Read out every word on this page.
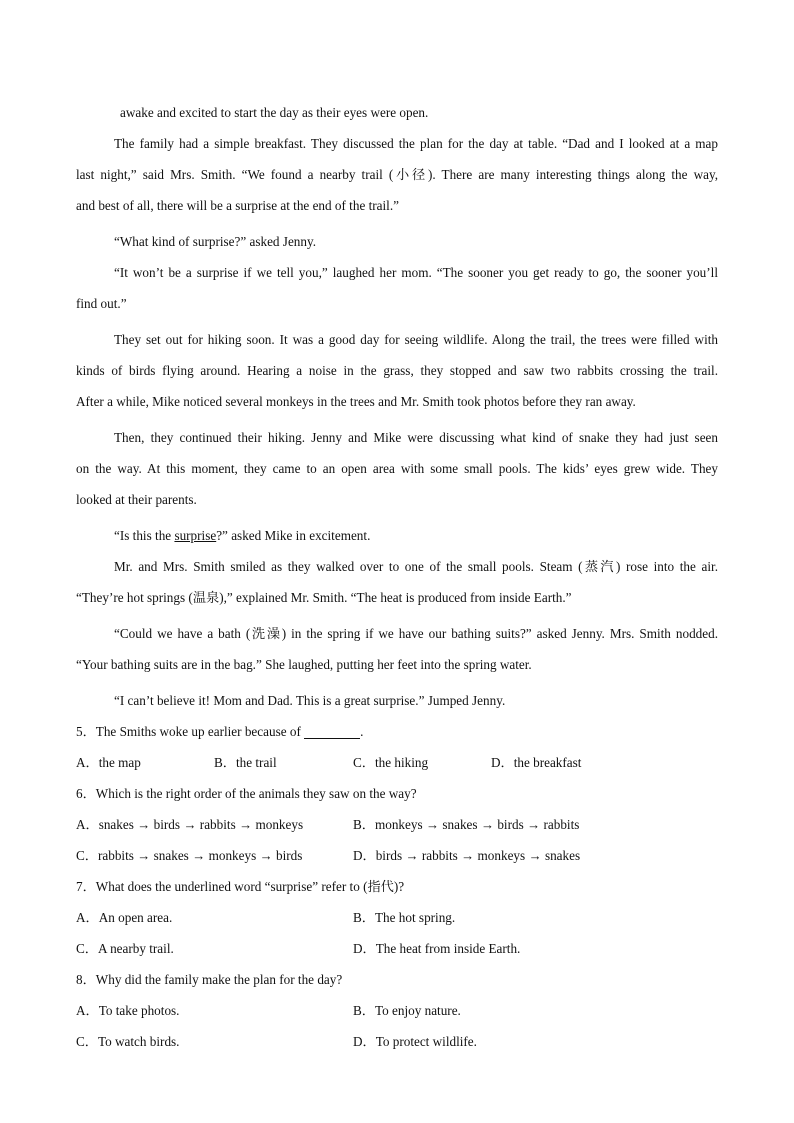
awake and excited to start the day as their eyes were open.
The family had a simple breakfast. They discussed the plan for the day at table. “Dad and I looked at a map
last night,” said Mrs. Smith. “We found a nearby trail (小径). There are many interesting things along the way,
and best of all, there will be a surprise at the end of the trail.”
“What kind of surprise?” asked Jenny.
“It won’t be a surprise if we tell you,” laughed her mom. “The sooner you get ready to go, the sooner you’ll
find out.”
They set out for hiking soon. It was a good day for seeing wildlife. Along the trail, the trees were filled with
kinds of birds flying around. Hearing a noise in the grass, they stopped and saw two rabbits crossing the trail.
After a while, Mike noticed several monkeys in the trees and Mr. Smith took photos before they ran away.
Then, they continued their hiking. Jenny and Mike were discussing what kind of snake they had just seen
on the way. At this moment, they came to an open area with some small pools. The kids’ eyes grew wide. They
looked at their parents.
“Is this the surprise?” asked Mike in excitement.
Mr. and Mrs. Smith smiled as they walked over to one of the small pools. Steam (蒸汽) rose into the air.
“They’re hot springs (温泉),” explained Mr. Smith. “The heat is produced from inside Earth.”
“Could we have a bath (洗澡) in the spring if we have our bathing suits?” asked Jenny. Mrs. Smith nodded.
“Your bathing suits are in the bag.” She laughed, putting her feet into the spring water.
“I can’t believe it! Mom and Dad. This is a great surprise.” Jumped Jenny.
5．The Smiths woke up earlier because of	.
A．the map	B．the trail	C．the hiking	D．the breakfast
6．Which is the right order of the animals they saw on the way?
A．snakes → birds → rabbits → monkeys	B．monkeys → snakes → birds → rabbits
C．rabbits → snakes → monkeys → birds	D．birds → rabbits → monkeys → snakes
7．What does the underlined word “surprise” refer to (指代)?
A．An open area.	B．The hot spring.
C．A nearby trail.	D．The heat from inside Earth.
8．Why did the family make the plan for the day?
A．To take photos.	B．To enjoy nature.
C．To watch birds.	D．To protect wildlife.
